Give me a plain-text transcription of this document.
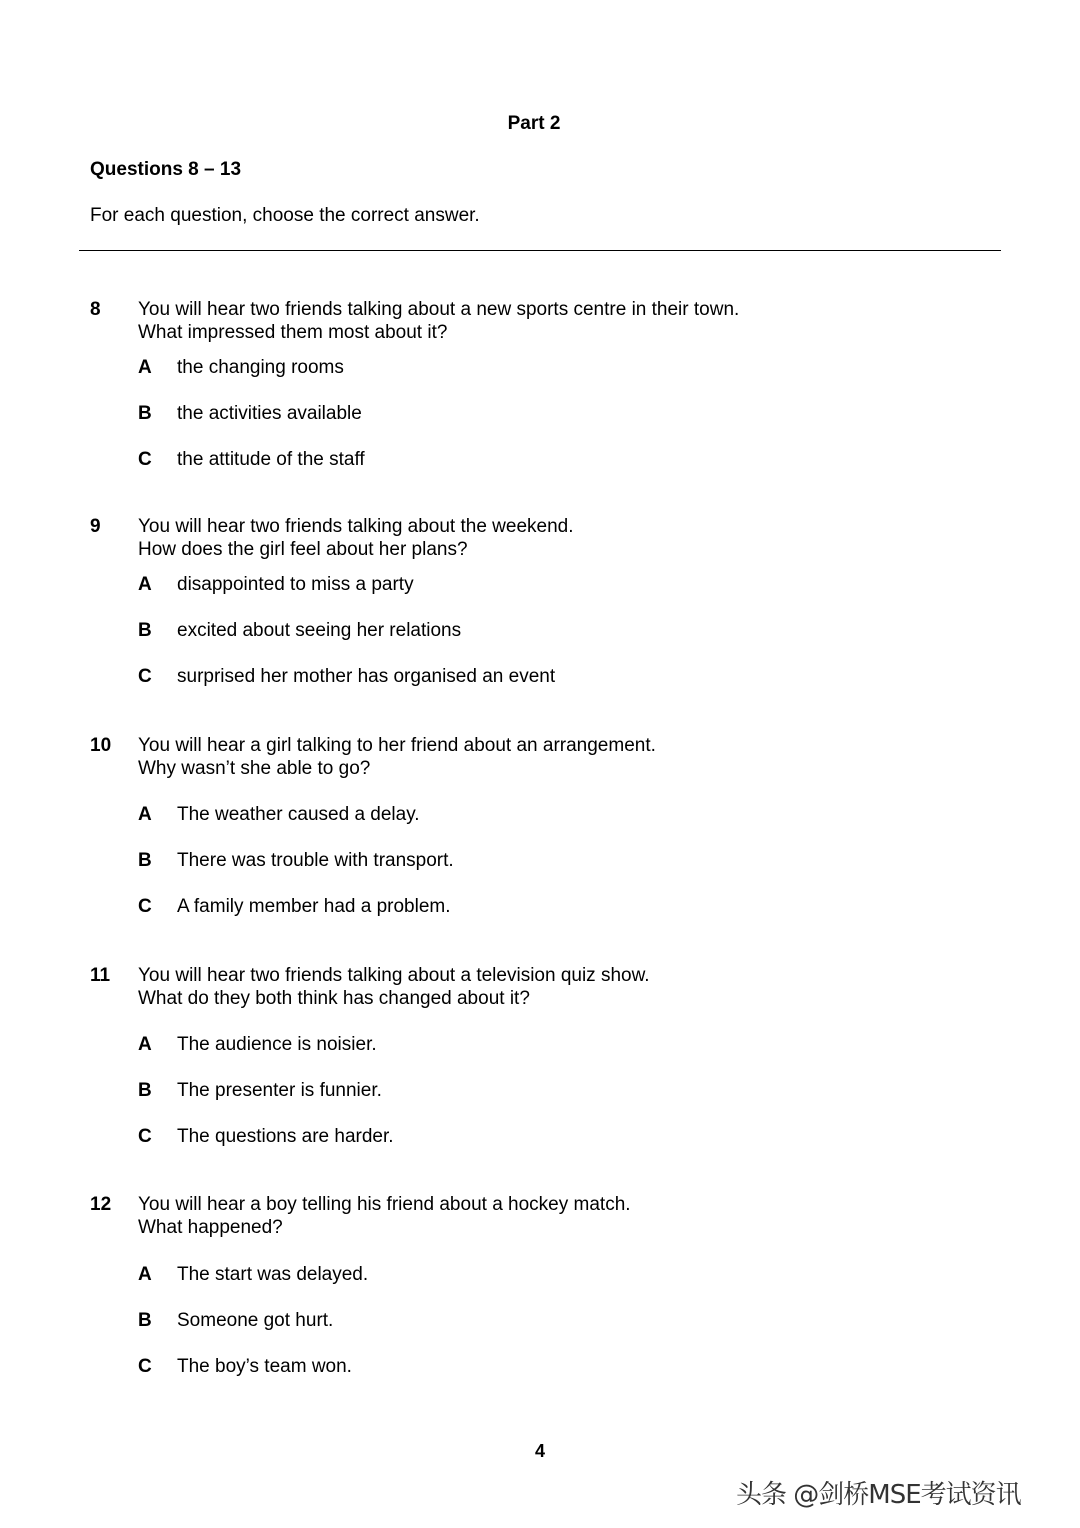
Part 2
Questions 8 – 13
For each question, choose the correct answer.
8 You will hear two friends talking about a new sports centre in their town.
What impressed them most about it?
A the changing rooms
B the activities available
C the attitude of the staff
9 You will hear two friends talking about the weekend.
How does the girl feel about her plans?
A disappointed to miss a party
B excited about seeing her relations
C surprised her mother has organised an event
10 You will hear a girl talking to her friend about an arrangement.
Why wasn’t she able to go?
A The weather caused a delay.
B There was trouble with transport.
C A family member had a problem.
11 You will hear two friends talking about a television quiz show.
What do they both think has changed about it?
A The audience is noisier.
B The presenter is funnier.
C The questions are harder.
12 You will hear a boy telling his friend about a hockey match.
What happened?
A The start was delayed.
B Someone got hurt.
C The boy’s team won.
4
头条 @剑桥MSE考试资讯
